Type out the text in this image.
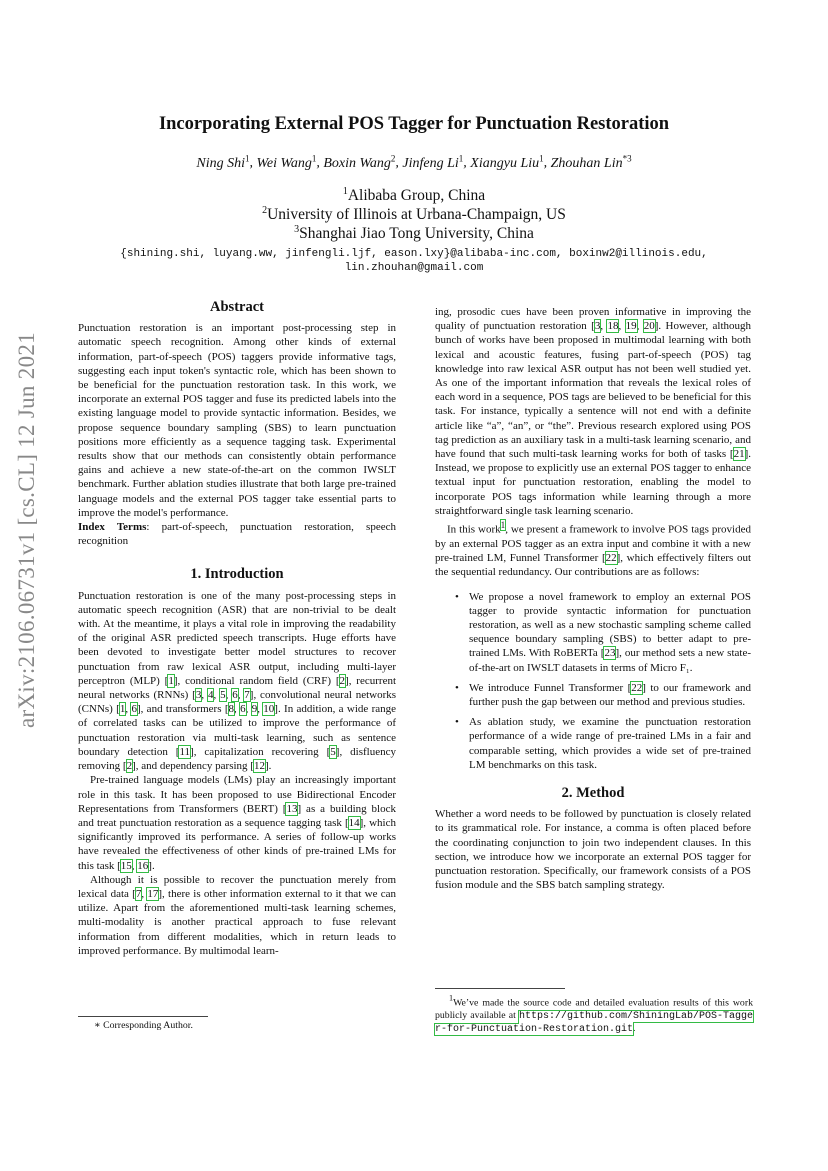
Incorporating External POS Tagger for Punctuation Restoration
Ning Shi$^1$, Wei Wang$^1$, Boxin Wang$^2$, Jinfeng Li$^1$, Xiangyu Liu$^1$, Zhouhan Lin$^{*3}$
$^1$Alibaba Group, China
$^2$University of Illinois at Urbana-Champaign, US
$^3$Shanghai Jiao Tong University, China
{shining.shi, luyang.ww, jinfengli.ljf, eason.lxy}@alibaba-inc.com, boxinw2@illinois.edu,
lin.zhouhan@gmail.com
arXiv:2106.06731v1 [cs.CL] 12 Jun 2021
Abstract

Punctuation restoration is an important post-processing step in automatic speech recognition. Among other kinds of external information, part-of-speech (POS) taggers provide informative tags, suggesting each input token's syntactic role, which has been shown to be beneficial for the punctuation restoration task. In this work, we incorporate an external POS tagger and fuse its predicted labels into the existing language model to provide syntactic information. Besides, we propose sequence boundary sampling (SBS) to learn punctuation positions more efficiently as a sequence tagging task. Experimental results show that our methods can consistently obtain performance gains and achieve a new state-of-the-art on the common IWSLT benchmark. Further ablation studies illustrate that both large pre-trained language models and the external POS tagger take essential parts to improve the model's performance.

Index Terms: part-of-speech, punctuation restoration, speech recognition

1. Introduction

Punctuation restoration is one of the many post-processing steps in automatic speech recognition (ASR) that are non-trivial to be dealt with. At the meantime, it plays a vital role in improving the readability of the original ASR predicted speech transcripts. Huge efforts have been devoted to investigate better model structures to recover punctuation from raw lexical ASR output, including multi-layer perceptron (MLP) [1], conditional random field (CRF) [2], recurrent neural networks (RNNs) [3, 4, 5, 6, 7], convolutional neural networks (CNNs) [1, 6], and transformers [8, 6, 9, 10]. In addition, a wide range of correlated tasks can be utilized to improve the performance of punctuation restoration via multi-task learning, such as sentence boundary detection [11], capitalization recovering [5], disfluency removing [2], and dependency parsing [12].

Pre-trained language models (LMs) play an increasingly important role in this task. It has been proposed to use Bidirectional Encoder Representations from Transformers (BERT) [13] as a building block and treat punctuation restoration as a sequence tagging task [14], which significantly improved its performance. A series of follow-up works have revealed the effectiveness of other kinds of pre-trained LMs for this task [15, 16].

Although it is possible to recover the punctuation merely from lexical data [7, 17], there is other information external to it that we can utilize. Apart from the aforementioned multi-task learning schemes, multi-modality is another practical approach to fuse relevant information from different modalities, which in return leads to improved performance. By multimodal learn-

∗ Corresponding Author.

ing, prosodic cues have been proven informative in improving the quality of punctuation restoration [3, 18, 19, 20]. However, although bunch of works have been proposed in multimodal learning with both lexical and acoustic features, fusing part-of-speech (POS) tag knowledge into raw lexical ASR output has not been well studied yet. As one of the important information that reveals the lexical roles of each word in a sequence, POS tags are believed to be beneficial for this task. For instance, typically a sentence will not end with a definite article like “a”, “an”, or “the”. Previous research explored using POS tag prediction as an auxiliary task in a multi-task learning scenario, and have found that such multi-task learning works for both of tasks [21]. Instead, we propose to explicitly use an external POS tagger to enhance textual input for punctuation restoration, enabling the model to incorporate POS tags information while learning through a more straightforward single task learning scenario.

In this work$^1$, we present a framework to involve POS tags provided by an external POS tagger as an extra input and combine it with a new pre-trained LM, Funnel Transformer [22], which effectively filters out the sequential redundancy. Our contributions are as follows:

• We propose a novel framework to employ an external POS tagger to provide syntactic information for punctuation restoration, as well as a new stochastic sampling scheme called sequence boundary sampling (SBS) to better adapt to pre-trained LMs. With RoBERTa [23], our method sets a new state-of-the-art on IWSLT datasets in terms of Micro F₁.
• We introduce Funnel Transformer [22] to our framework and further push the gap between our method and previous studies.
• As ablation study, we examine the punctuation restoration performance of a wide range of pre-trained LMs in a fair and comparable setting, which provides a wide set of pre-trained LM benchmarks on this task.
2. Method

Whether a word needs to be followed by punctuation is closely related to its grammatical role. For instance, a comma is often placed before the coordinating conjunction to join two independent clauses. In this section, we introduce how we incorporate an external POS tagger for punctuation restoration. Specifically, our framework consists of a POS fusion module and the SBS batch sampling strategy.

$^1$We’ve made the source code and detailed evaluation results of this work publicly available at https://github.com/ShiningLab/POS-Tagger-for-Punctuation-Restoration.git.
